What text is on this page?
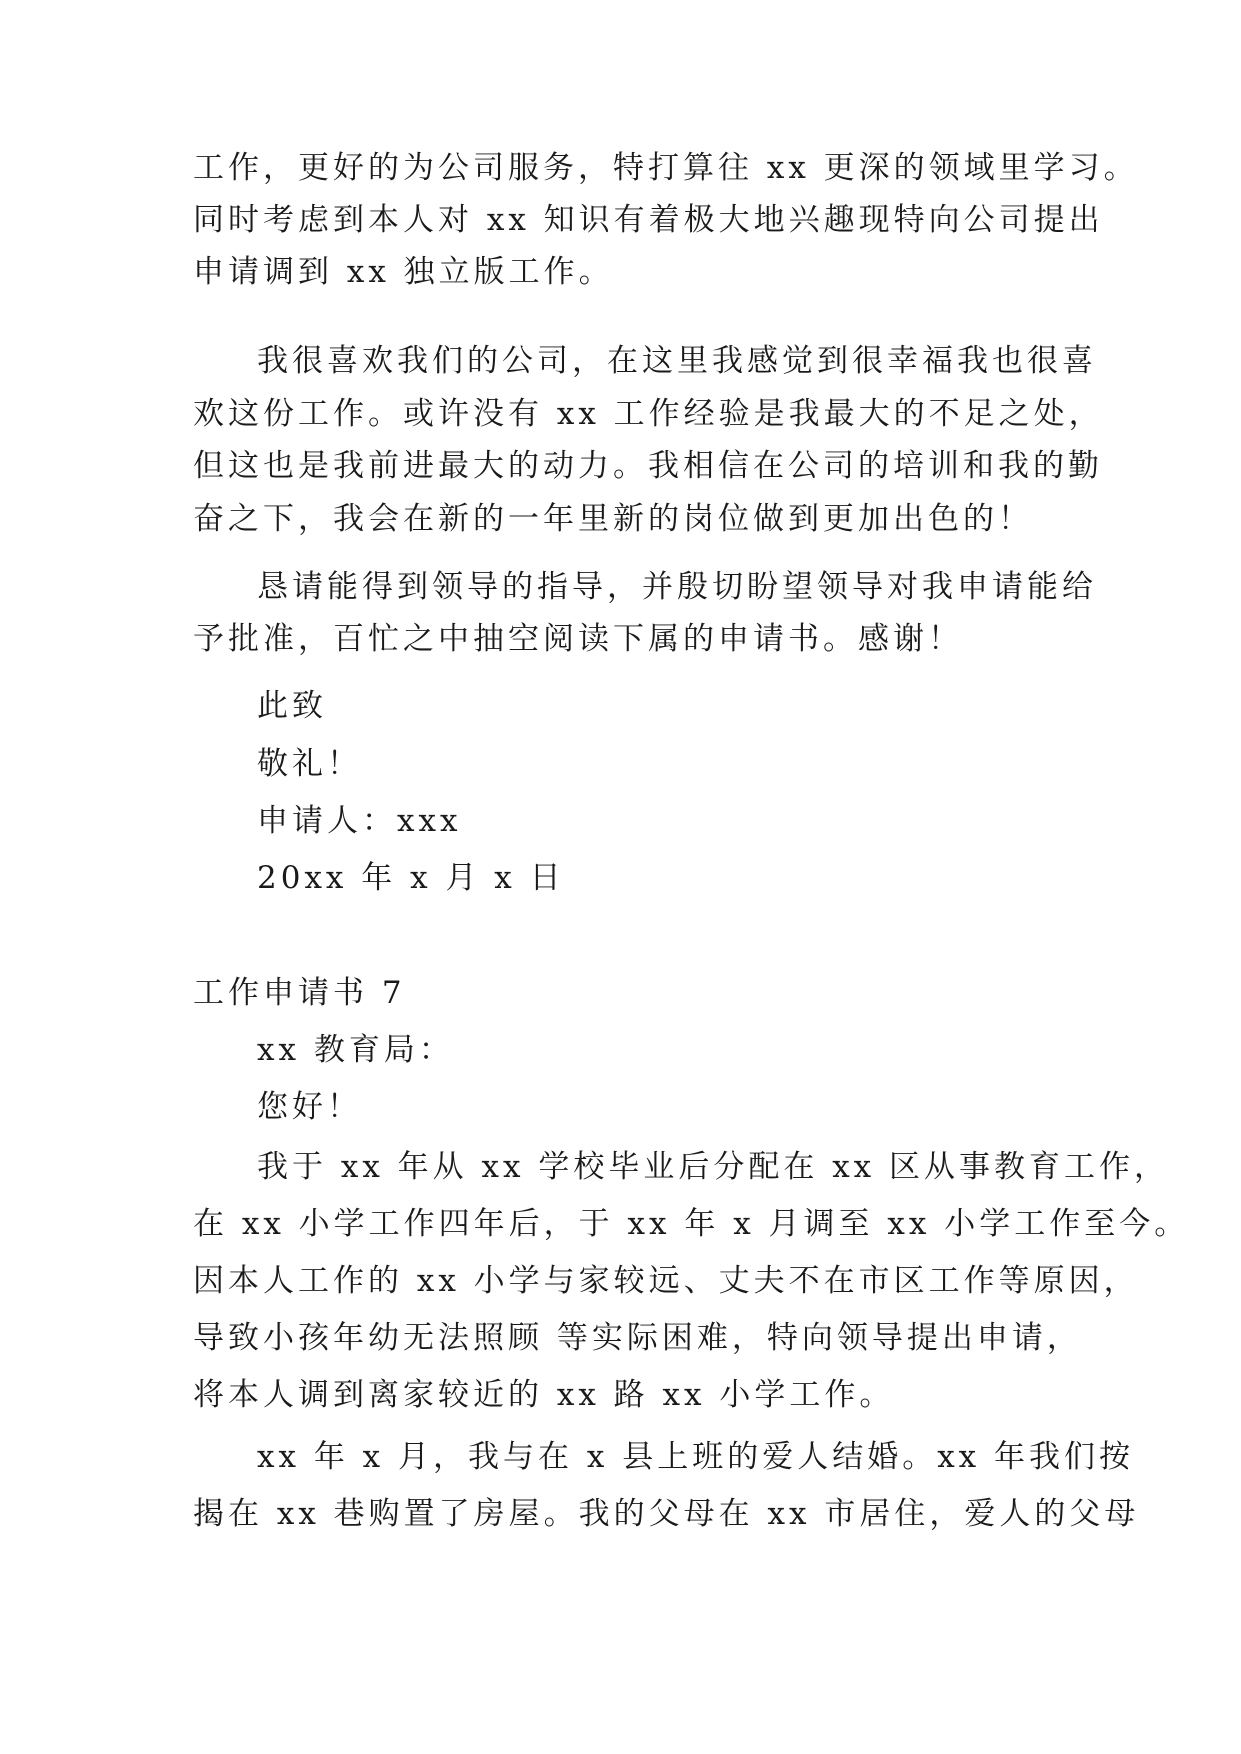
工作，更好的为公司服务，特打算往 xx 更深的领域里学习。
同时考虑到本人对 xx 知识有着极大地兴趣现特向公司提出
申请调到 xx 独立版工作。
我很喜欢我们的公司，在这里我感觉到很幸福我也很喜
欢这份工作。或许没有 xx 工作经验是我最大的不足之处，
但这也是我前进最大的动力。我相信在公司的培训和我的勤
奋之下，我会在新的一年里新的岗位做到更加出色的！
恳请能得到领导的指导，并殷切盼望领导对我申请能给
予批准，百忙之中抽空阅读下属的申请书。感谢！
此致
敬礼！
申请人：xxx
20xx 年 x 月 x 日
工作申请书 7
xx 教育局：
您好！
我于 xx 年从 xx 学校毕业后分配在 xx 区从事教育工作，
在 xx 小学工作四年后，于 xx 年 x 月调至 xx 小学工作至今。
因本人工作的 xx 小学与家较远、丈夫不在市区工作等原因，
导致小孩年幼无法照顾 等实际困难，特向领导提出申请，
将本人调到离家较近的 xx 路 xx 小学工作。
xx 年 x 月，我与在 x 县上班的爱人结婚。xx 年我们按
揭在 xx 巷购置了房屋。我的父母在 xx 市居住，爱人的父母
